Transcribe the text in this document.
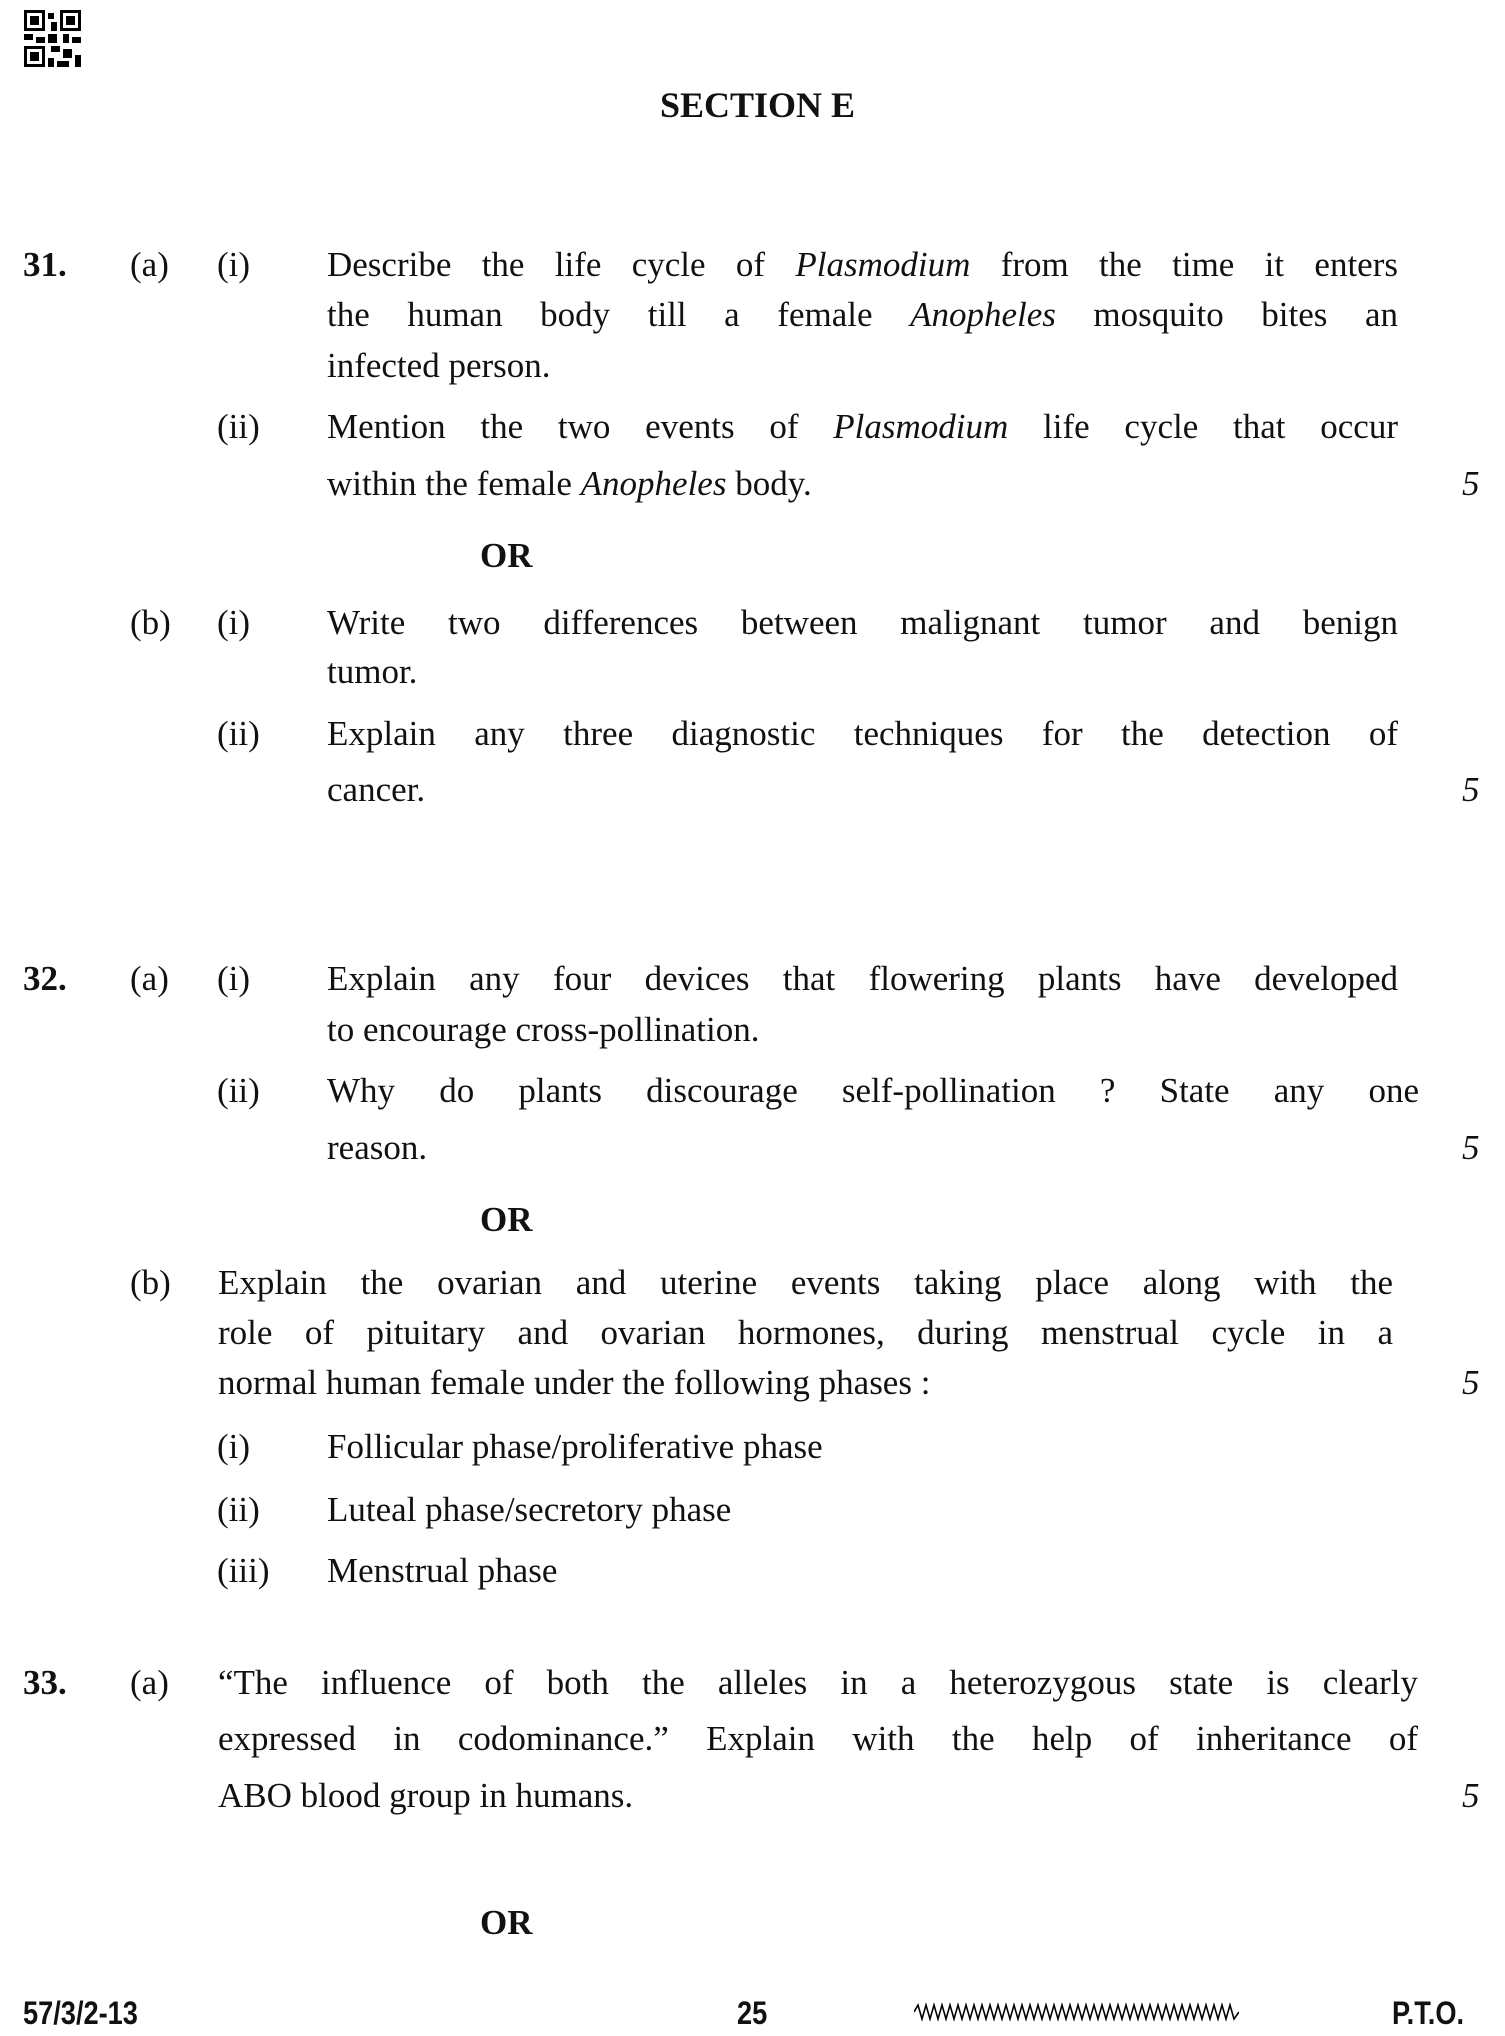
SECTION E
31. (a) (i) Describe the life cycle of Plasmodium from the time it enters
the human body till a female Anopheles mosquito bites an
infected person.
(ii) Mention the two events of Plasmodium life cycle that occur
within the female Anopheles body.	5
OR
(b) (i) Write two differences between malignant tumor and benign
tumor.
(ii) Explain any three diagnostic techniques for the detection of
cancer.	5
32. (a) (i) Explain any four devices that flowering plants have developed
to encourage cross-pollination.
(ii) Why do plants discourage self-pollination ? State any one
reason.	5
OR
(b) Explain the ovarian and uterine events taking place along with the
role of pituitary and ovarian hormones, during menstrual cycle in a
normal human female under the following phases :	5
(i) Follicular phase/proliferative phase
(ii) Luteal phase/secretory phase
(iii) Menstrual phase
33. (a) “The influence of both the alleles in a heterozygous state is clearly
expressed in codominance.” Explain with the help of inheritance of
ABO blood group in humans.	5
OR
57/3/2-13	25	P.T.O.
